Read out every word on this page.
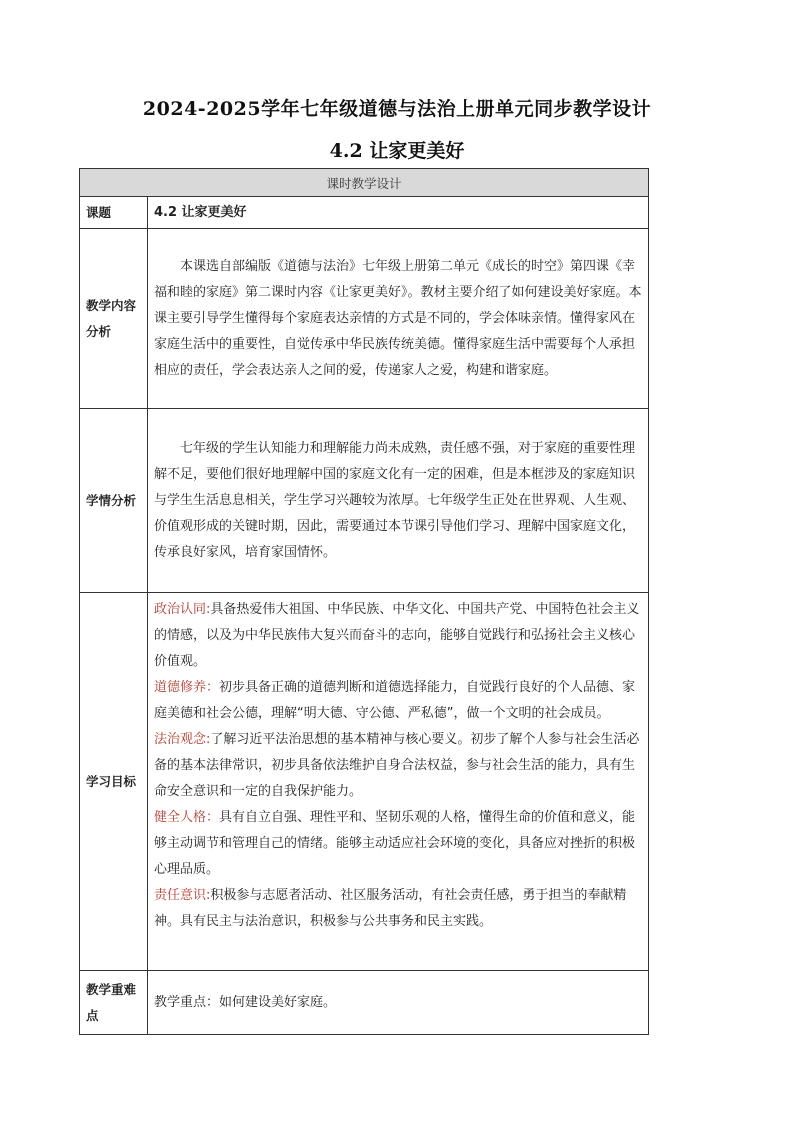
2024-2025学年七年级道德与法治上册单元同步教学设计
4.2 让家更美好
课时教学设计	
课题	4.2 让家更美好
教学内容分析	本课选自部编版《道德与法治》七年级上册第二单元《成长的时空》第四课《幸福和睦的家庭》第二课时内容《让家更美好》。教材主要介绍了如何建设美好家庭。本课主要引导学生懂得每个家庭表达亲情的方式是不同的，学会体味亲情。懂得家风在家庭生活中的重要性，自觉传承中华民族传统美德。懂得家庭生活中需要每个人承担相应的责任，学会表达亲人之间的爱，传递家人之爱，构建和谐家庭。

学情分析	七年级的学生认知能力和理解能力尚未成熟，责任感不强，对于家庭的重要性理解不足，要他们很好地理解中国的家庭文化有一定的困难，但是本框涉及的家庭知识与学生生活息息相关，学生学习兴趣较为浓厚。七年级学生正处在世界观、人生观、价值观形成的关键时期，因此，需要通过本节课引导他们学习、理解中国家庭文化，传承良好家风，培育家国情怀。

学习目标	政治认同:具备热爱伟大祖国、中华民族、中华文化、中国共产党、中国特色社会主义的情感，以及为中华民族伟大复兴而奋斗的志向，能够自觉践行和弘扬社会主义核心价值观。

道德修养：初步具备正确的道德判断和道德选择能力，自觉践行良好的个人品德、家庭美德和社会公德，理解“明大德、守公德、严私德”，做一个文明的社会成员。

法治观念:了解习近平法治思想的基本精神与核心要义。初步了解个人参与社会生活必备的基本法律常识，初步具备依法维护自身合法权益，参与社会生活的能力，具有生命安全意识和一定的自我保护能力。

健全人格：具有自立自强、理性平和、坚韧乐观的人格，懂得生命的价值和意义，能够主动调节和管理自己的情绪。能够主动适应社会环境的变化，具备应对挫折的积极心理品质。

责任意识:积极参与志愿者活动、社区服务活动，有社会责任感，勇于担当的奉献精神。具有民主与法治意识，积极参与公共事务和民主实践。

教学重难点	教学重点：如何建设美好家庭。
